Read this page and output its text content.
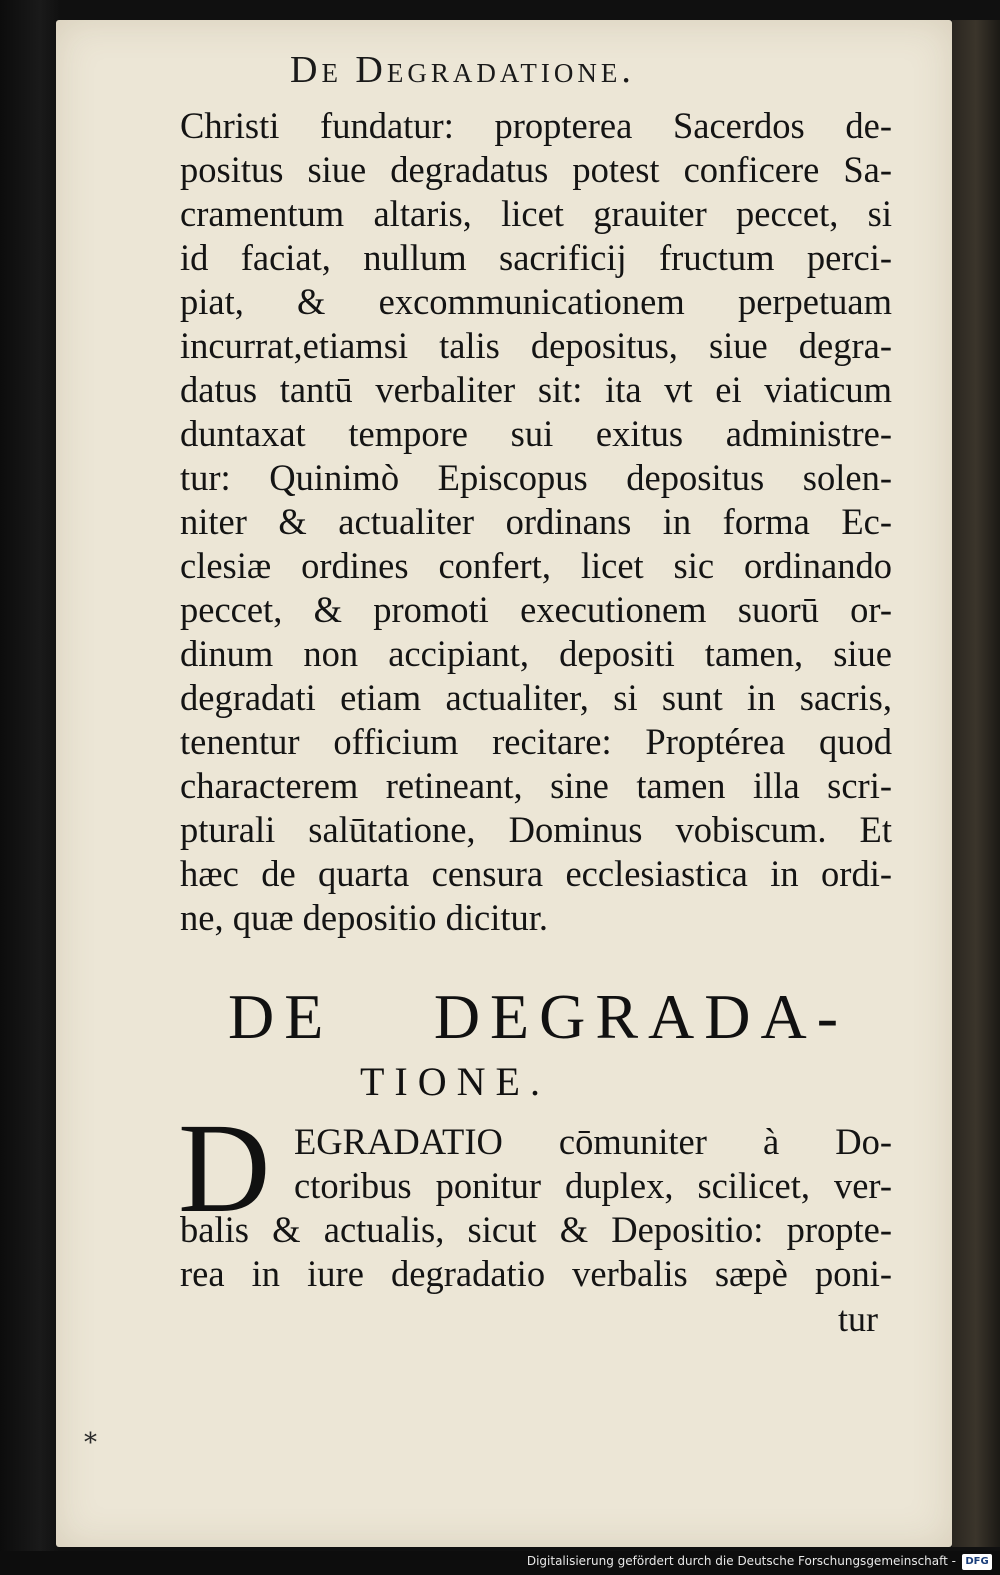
De Degradatione.
Christi fundatur: propterea Sacerdos de-
positus siue degradatus potest conficere Sa-
cramentum altaris, licet grauiter peccet, si
id faciat, nullum sacrificij fructum perci-
piat, & excommunicationem perpetuam
incurrat,etiamsi talis depositus, siue degra-
datus tantū verbaliter sit: ita vt ei viaticum
duntaxat tempore sui exitus administre-
tur: Quinimò Episcopus depositus solen-
niter & actualiter ordinans in forma Ec-
clesiæ ordines confert, licet sic ordinando
peccet, & promoti executionem suorū or-
dinum non accipiant, depositi tamen, siue
degradati etiam actualiter, si sunt in sacris,
tenentur officium recitare: Proptérea quod
characterem retineant, sine tamen illa scri-
pturali salūtatione, Dominus vobiscum. Et
hæc de quarta censura ecclesiastica in ordi-
ne, quæ depositio dicitur.
DE DEGRADA-
TIONE.
D EGRADATIO cōmuniter à Do-
ctoribus ponitur duplex, scilicet, ver-
balis & actualis, sicut & Depositio: propte-
rea in iure degradatio verbalis sæpè poni-
tur
*
Digitalisierung gefördert durch die Deutsche Forschungsgemeinschaft - DFG
